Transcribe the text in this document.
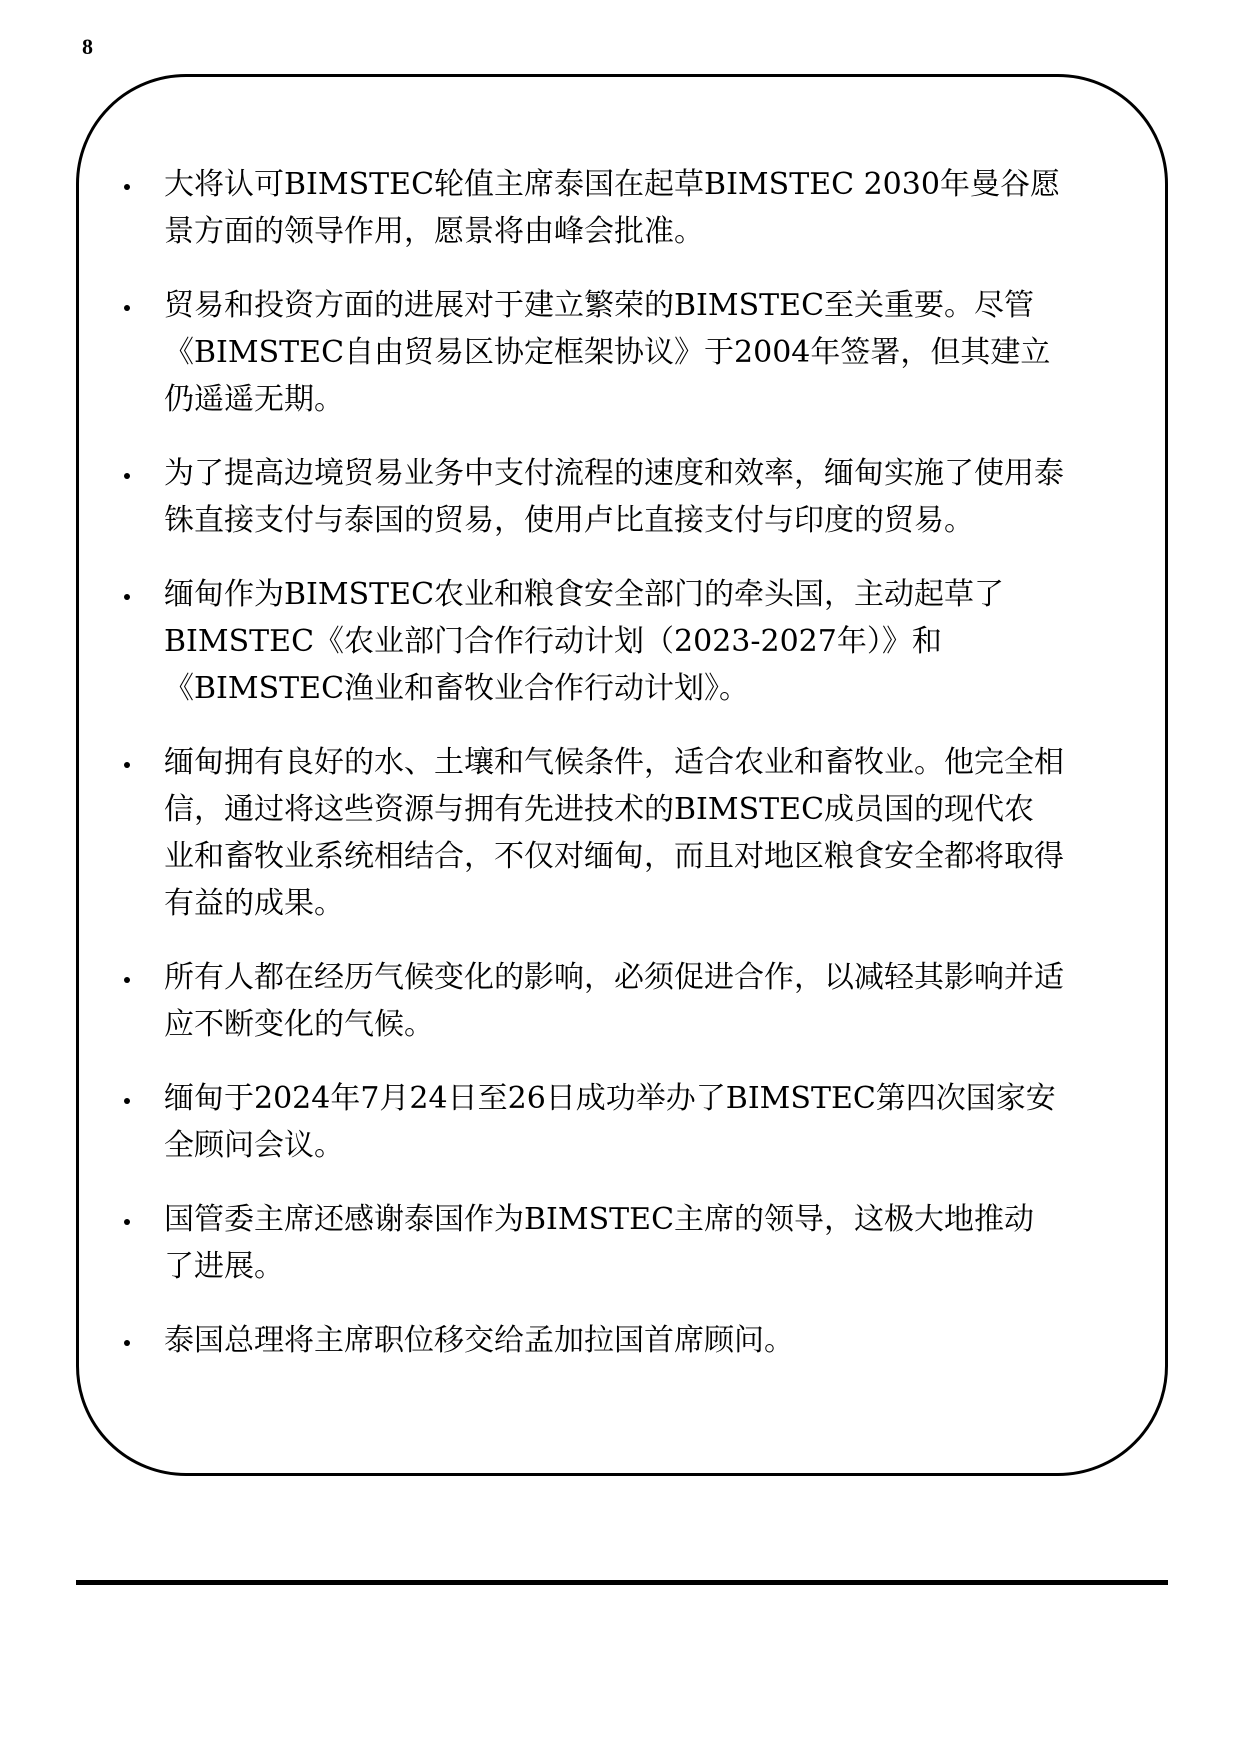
8
大将认可BIMSTEC轮值主席泰国在起草BIMSTEC 2030年曼谷愿景方面的领导作用，愿景将由峰会批准。
贸易和投资方面的进展对于建立繁荣的BIMSTEC至关重要。尽管《BIMSTEC自由贸易区协定框架协议》于2004年签署，但其建立仍遥遥无期。
为了提高边境贸易业务中支付流程的速度和效率，缅甸实施了使用泰铢直接支付与泰国的贸易，使用卢比直接支付与印度的贸易。
缅甸作为BIMSTEC农业和粮食安全部门的牵头国，主动起草了BIMSTEC《农业部门合作行动计划（2023-2027年）》和《BIMSTEC渔业和畜牧业合作行动计划》。
缅甸拥有良好的水、土壤和气候条件，适合农业和畜牧业。他完全相信，通过将这些资源与拥有先进技术的BIMSTEC成员国的现代农业和畜牧业系统相结合，不仅对缅甸，而且对地区粮食安全都将取得有益的成果。
所有人都在经历气候变化的影响，必须促进合作，以减轻其影响并适应不断变化的气候。
缅甸于2024年7月24日至26日成功举办了BIMSTEC第四次国家安全顾问会议。
国管委主席还感谢泰国作为BIMSTEC主席的领导，这极大地推动了进展。
泰国总理将主席职位移交给孟加拉国首席顾问。
